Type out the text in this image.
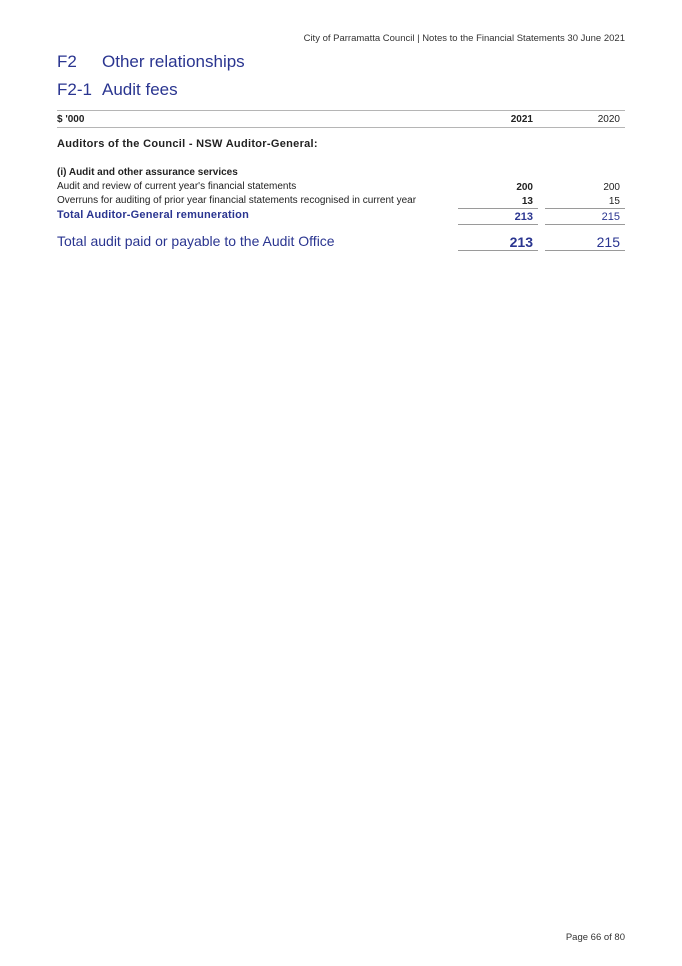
City of Parramatta Council | Notes to the Financial Statements 30 June 2021
F2 Other relationships
F2-1 Audit fees
$ '000	2021	2020
Auditors of the Council - NSW Auditor-General:
(i) Audit and other assurance services
Audit and review of current year's financial statements	200	200
Overruns for auditing of prior year financial statements recognised in current year	13	15
Total Auditor-General remuneration	213	215
Total audit paid or payable to the Audit Office	213	215
Page 66 of 80
